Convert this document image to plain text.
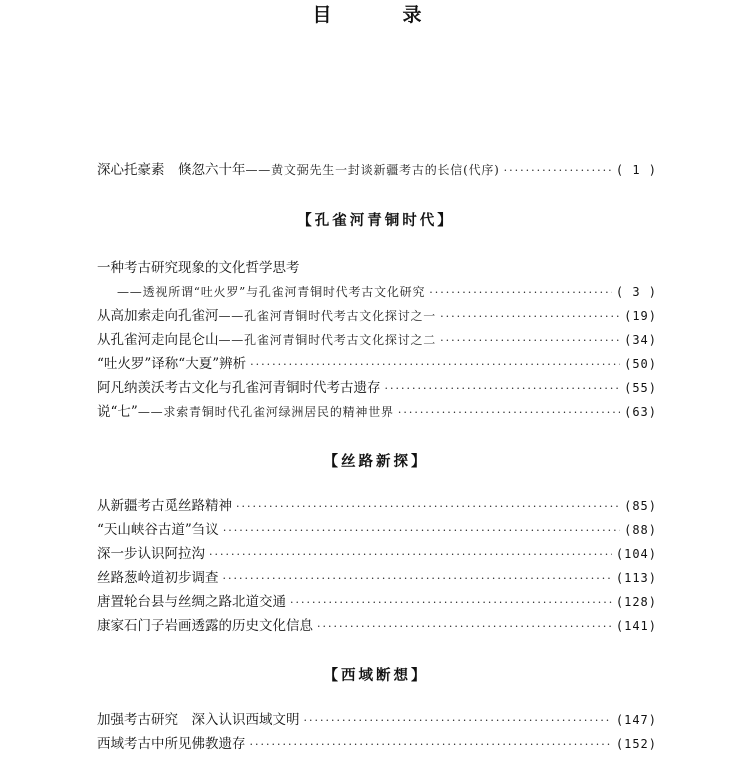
目　录
深心托豪素　倏忽六十年 ——黄文弼先生一封谈新疆考古的长信(代序) ·····	( 1 )
【孔雀河青铜时代】
一种考古研究现象的文化哲学思考
——透视所谓“吐火罗”与孔雀河青铜时代考古文化研究 ·····	( 3 )
从高加索走向孔雀河 ——孔雀河青铜时代考古文化探讨之一 ·····	(19)
从孔雀河走向昆仑山 ——孔雀河青铜时代考古文化探讨之二 ·····	(34)
“吐火罗”译称“大夏”辨析 ·····	(50)
阿凡纳羡沃考古文化与孔雀河青铜时代考古遗存 ·····	(55)
说“七” ——求索青铜时代孔雀河绿洲居民的精神世界 ·····	(63)
【丝路新探】
从新疆考古觅丝路精神 ·····	(85)
“天山峡谷古道”刍议 ·····	(88)
深一步认识阿拉沟 ·····	(104)
丝路葱岭道初步调查 ·····	(113)
唐置轮台县与丝绸之路北道交通 ·····	(128)
康家石门子岩画透露的历史文化信息 ·····	(141)
【西域断想】
加强考古研究　深入认识西域文明 ·····	(147)
西域考古中所见佛教遗存 ·····	(152)
